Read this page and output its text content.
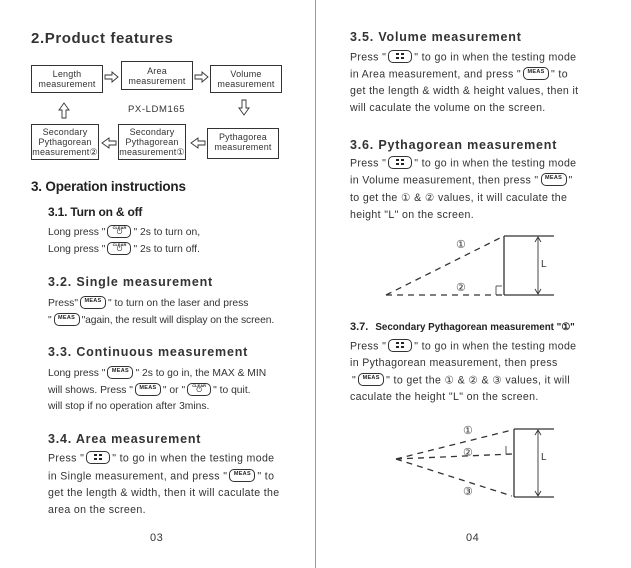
2.Product features
Length measurement
Area measurement
Volume measurement
PX-LDM165
Secondary Pythagorean measurement②
Secondary Pythagorean measurement①
Pythagorea measurement
3. Operation instructions
3.1. Turn on & off
Long press "	CLEAR
⏻	" 2s to turn on,
Long press "	CLEAR
⏻	" 2s to turn off.
3.2. Single measurement
Press"	MEAS " to turn on the laser and press
"	MEAS "again, the result will display on the screen.
3.3. Continuous measurement
Long press "	MEAS " 2s to go in, the MAX & MIN
will shows. Press "	MEAS " or "	CLEAR
⏻	" to quit.
will stop if no operation after 3mins.
3.4. Area measurement
Press "	" to go in when the testing mode
in Single measurement, and press "	MEAS " to
get the length & width, then it will caculate the
area on the screen.
03
3.5. Volume measurement
Press "	" to go in when the testing mode
in Area measurement, and press "	MEAS " to
get the length & width & height values, then it
will caculate the volume on the screen.
3.6. Pythagorean measurement
Press "	" to go in when the testing mode
in Volume measurement, then press "	MEAS "
to get the ① & ② values, it will caculate the
height "L" on the screen.
①
②
L
3.7. Secondary Pythagorean measurement "①"
Press "	" to go in when the testing mode
in Pythagorean measurement, then press
"	MEAS " to get the ① & ② & ③ values, it will
caculate the height "L" on the screen.
①
②
③
L
04
